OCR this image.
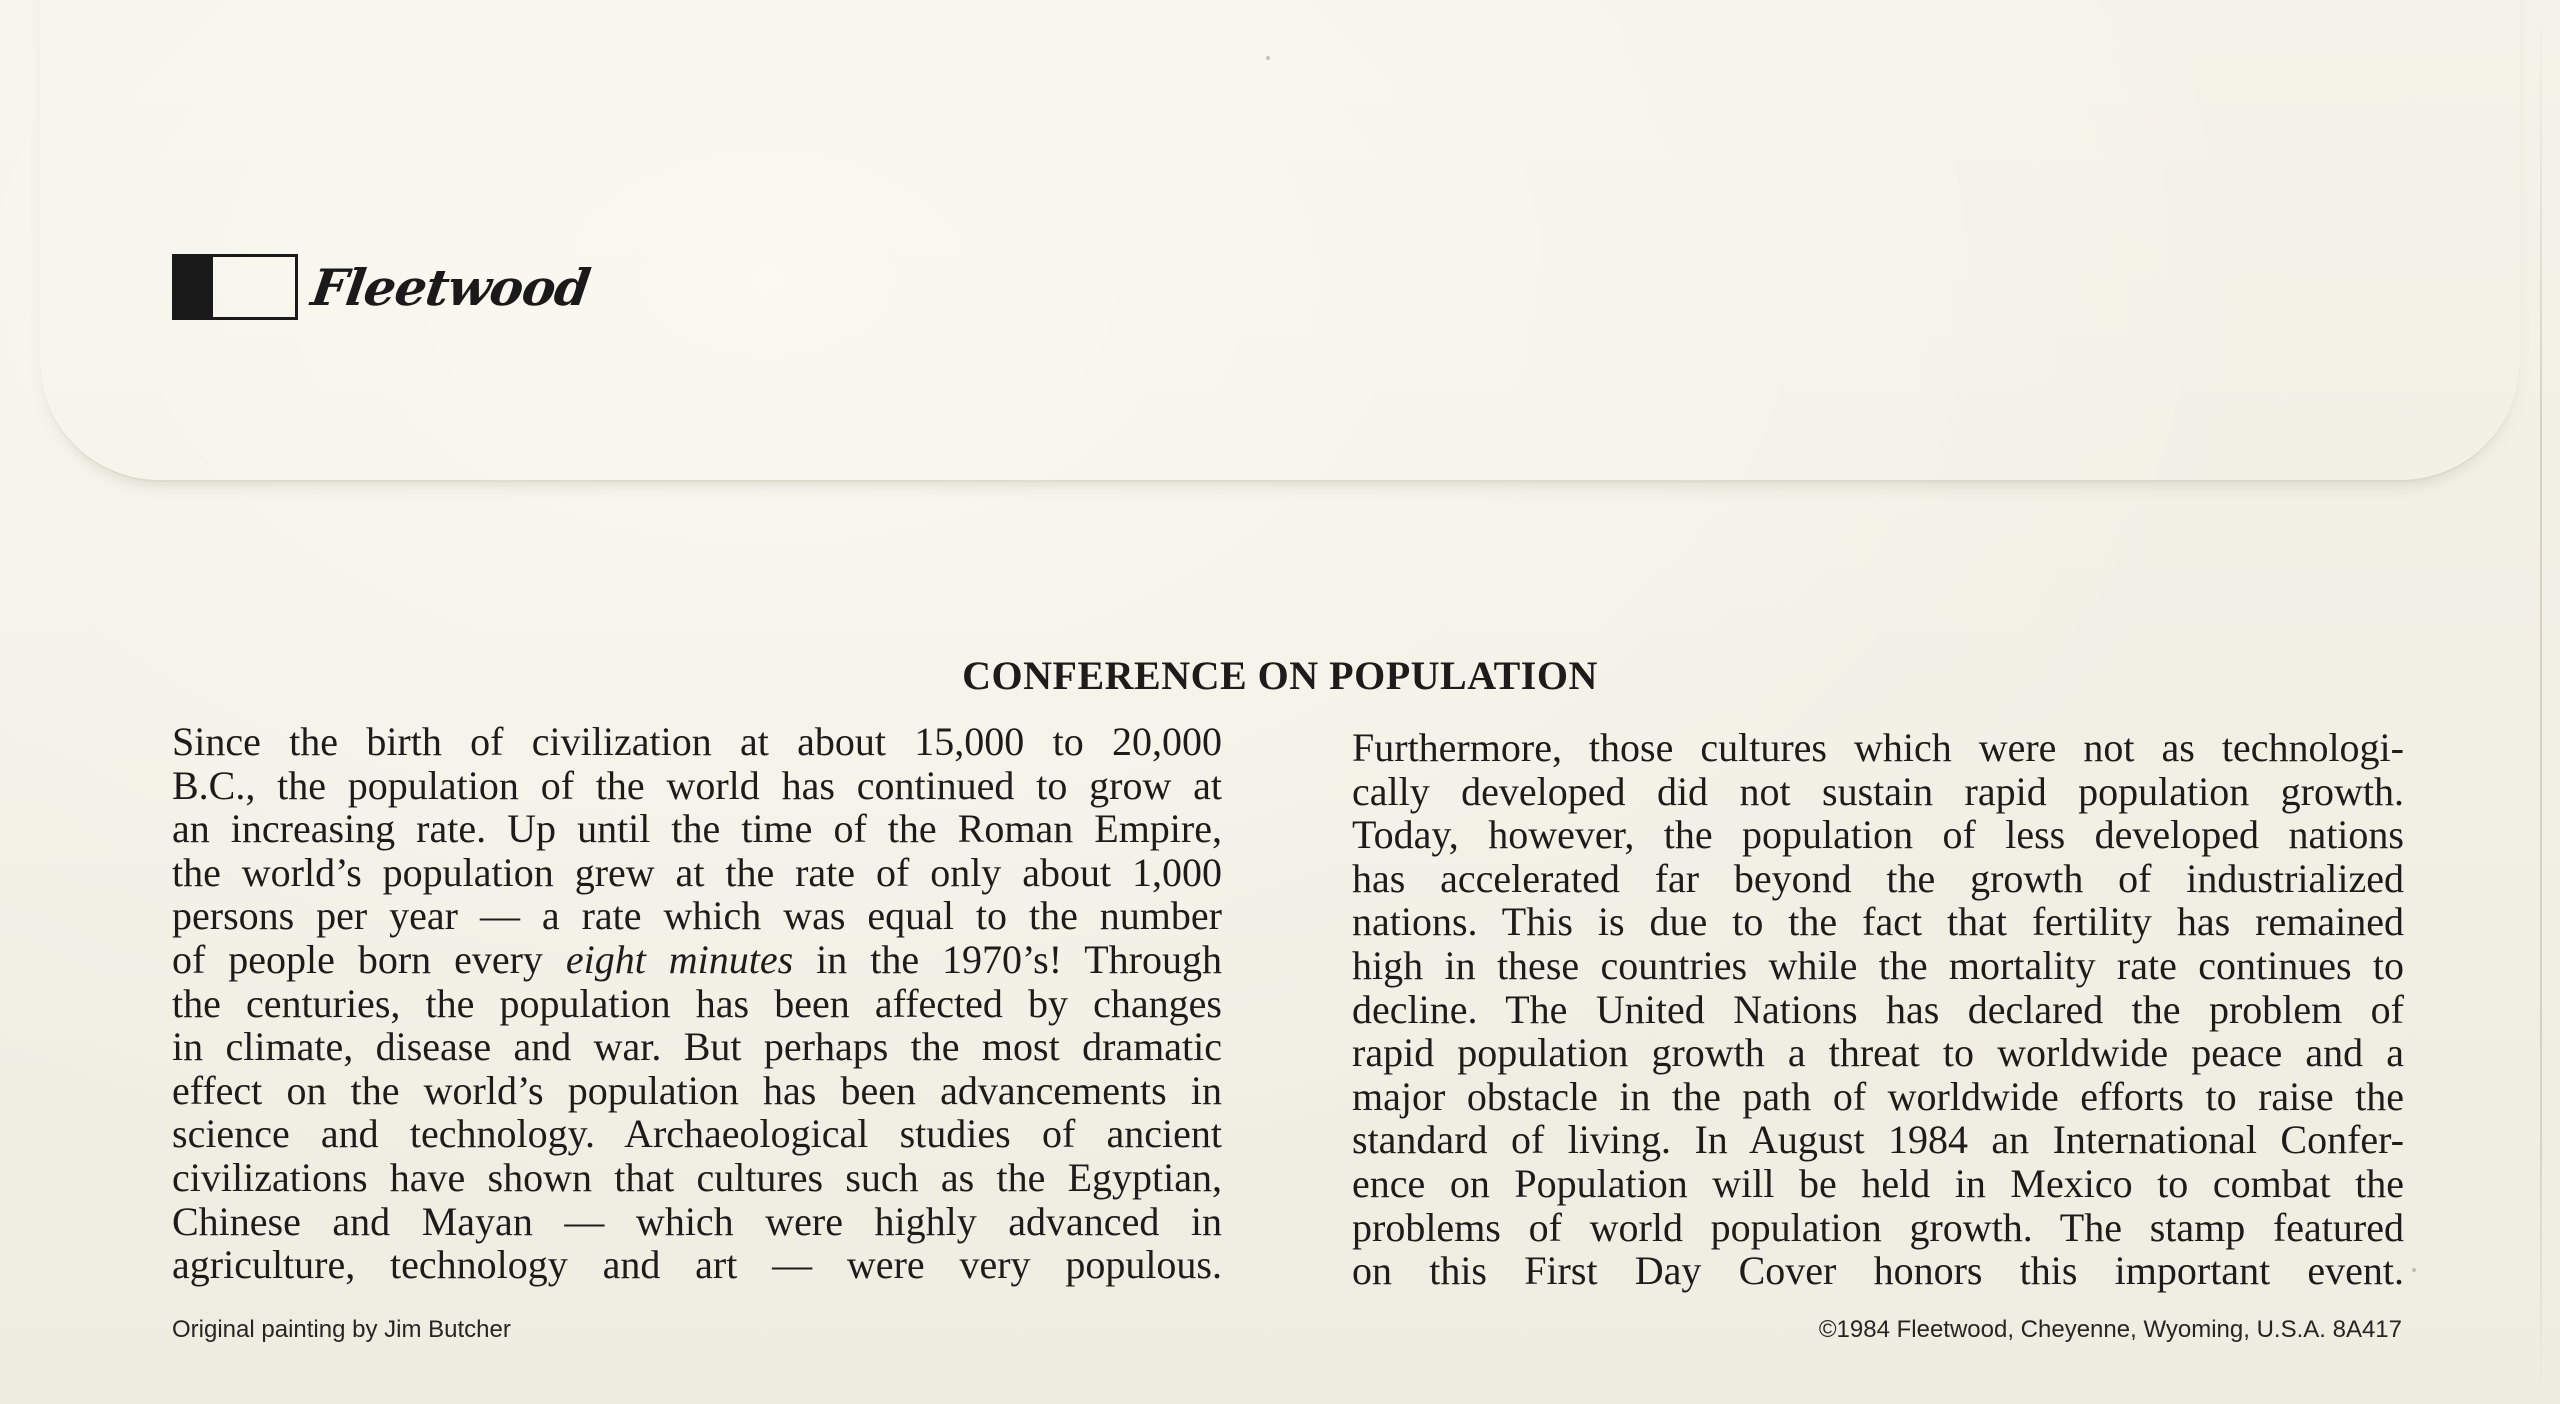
Fleetwood
CONFERENCE ON POPULATION
Since the birth of civilization at about 15,000 to 20,000
B.C., the population of the world has continued to grow at
an increasing rate. Up until the time of the Roman Empire,
the world’s population grew at the rate of only about 1,000
persons per year — a rate which was equal to the number
of people born every eight minutes in the 1970’s! Through
the centuries, the population has been affected by changes
in climate, disease and war. But perhaps the most dramatic
effect on the world’s population has been advancements in
science and technology. Archaeological studies of ancient
civilizations have shown that cultures such as the Egyptian,
Chinese and Mayan — which were highly advanced in
agriculture, technology and art — were very populous.
Furthermore, those cultures which were not as technologi-
cally developed did not sustain rapid population growth.
Today, however, the population of less developed nations
has accelerated far beyond the growth of industrialized
nations. This is due to the fact that fertility has remained
high in these countries while the mortality rate continues to
decline. The United Nations has declared the problem of
rapid population growth a threat to worldwide peace and a
major obstacle in the path of worldwide efforts to raise the
standard of living. In August 1984 an International Confer-
ence on Population will be held in Mexico to combat the
problems of world population growth. The stamp featured
on this First Day Cover honors this important event.
Original painting by Jim Butcher	©1984 Fleetwood, Cheyenne, Wyoming, U.S.A. 8A417
